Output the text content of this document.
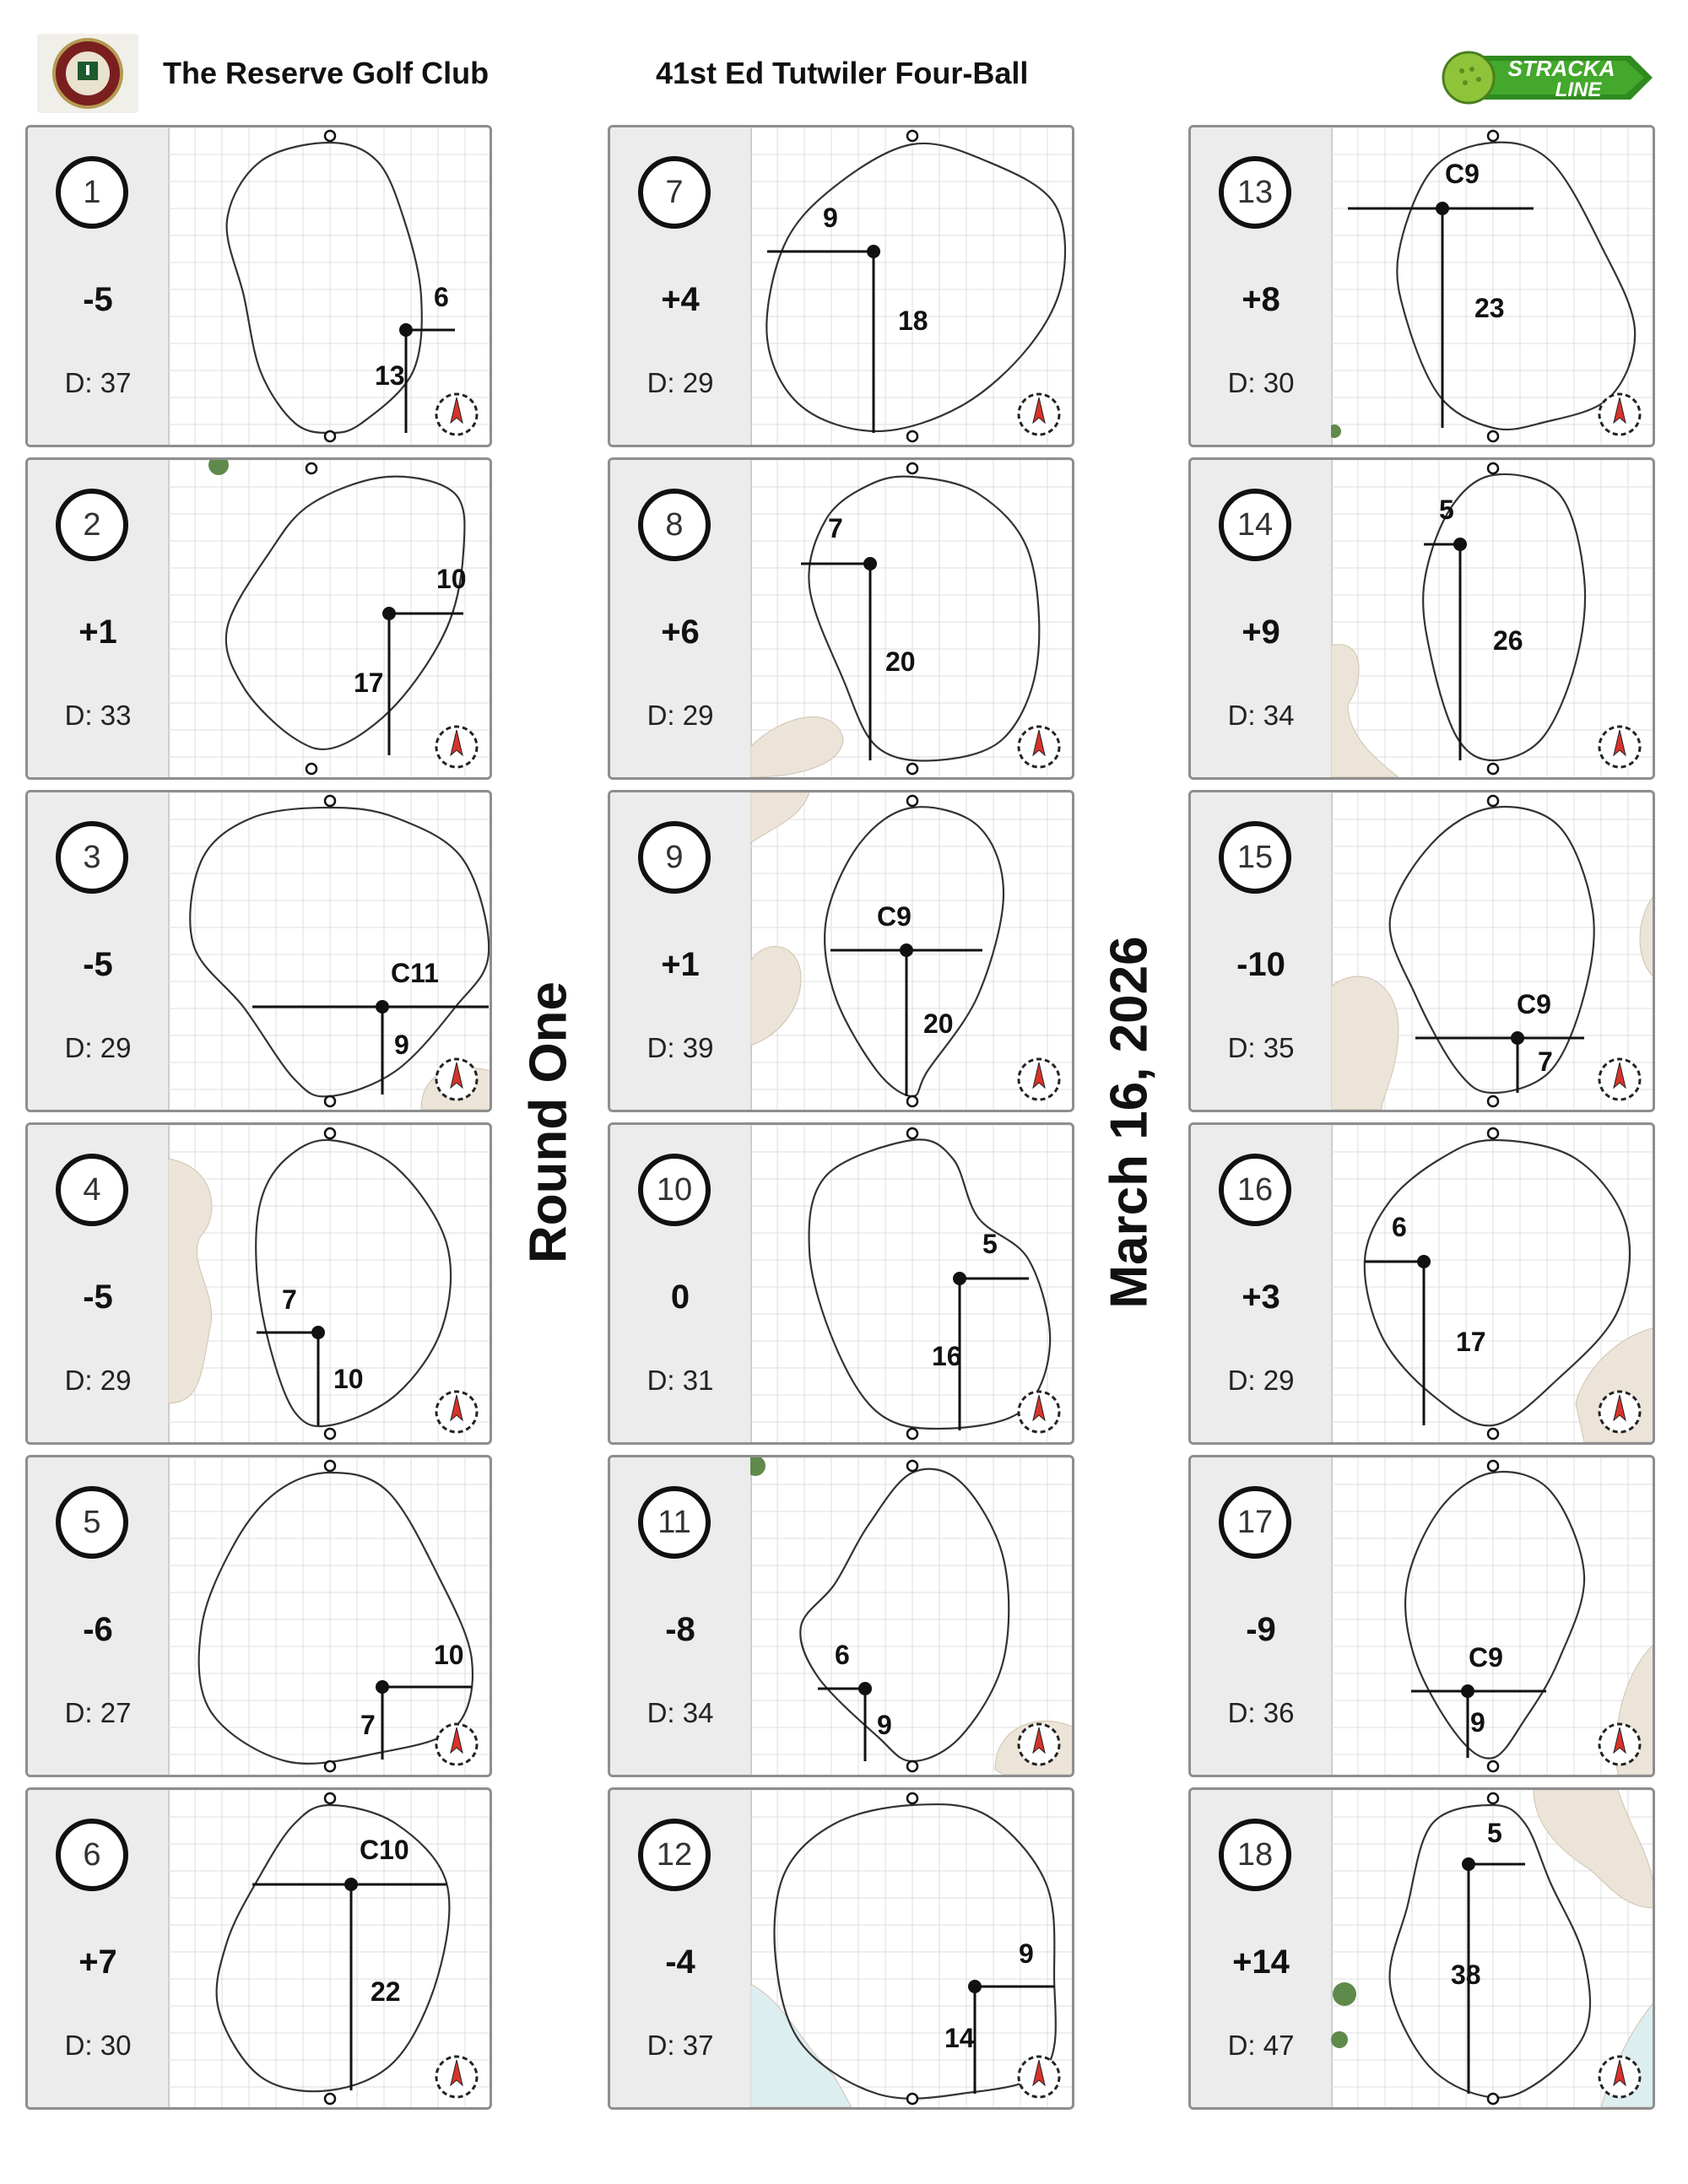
The Reserve Golf Club	41st Ed Tutwiler Four-Ball	STRACKA
LINE
1
-5
D: 37
6
13
2
+1
D: 33
10
17
3
-5
D: 29
C11
9
4
-5
D: 29
7
10
5
-6
D: 27
10
7
6
+7
D: 30
C10
22
7
+4
D: 29
9
18
8
+6
D: 29
7
20
9
+1
D: 39
C9
20
10
0
D: 31
5
16
11
-8
D: 34
6
9
12
-4
D: 37
9
14
13
+8
D: 30
C9
23
14
+9
D: 34
5
26
15
-10
D: 35
C9
7
16
+3
D: 29
6
17
17
-9
D: 36
C9
9
18
+14
D: 47
5
38
Round One	March 16, 2026
